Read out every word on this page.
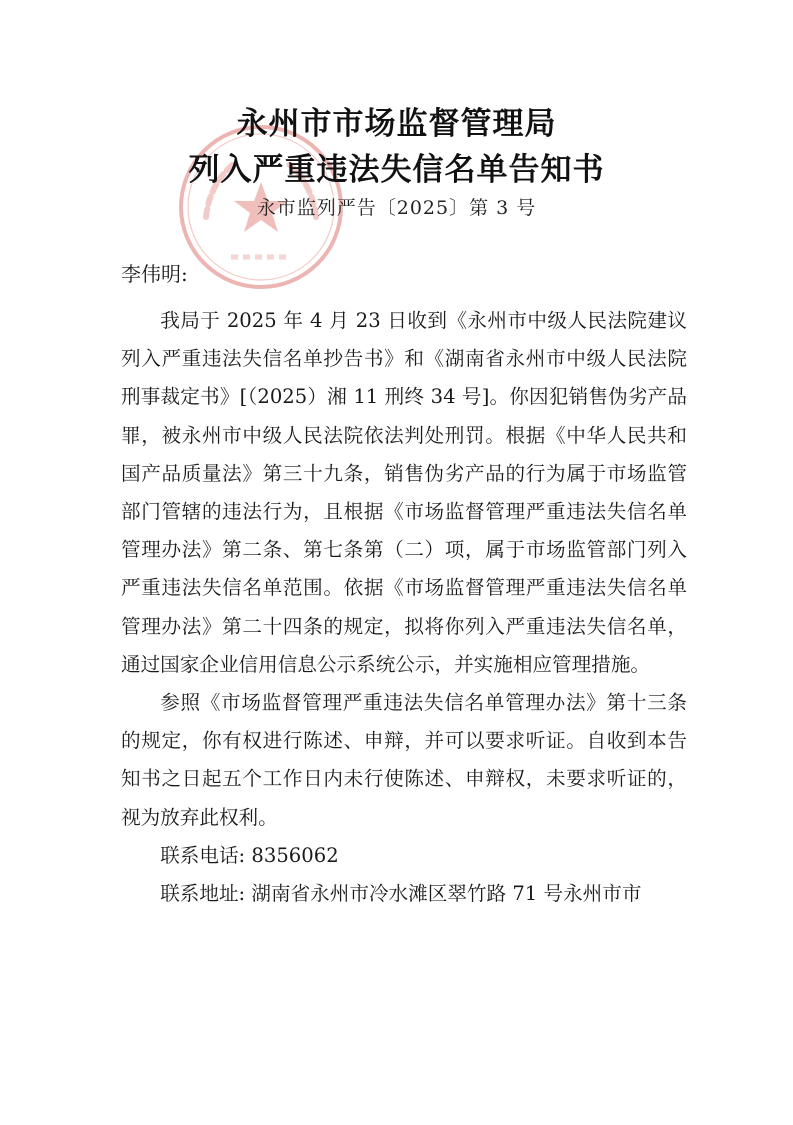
永州市市场监督管理局
列入严重违法失信名单告知书
永市监列严告〔2025〕第 3 号
李伟明:

我局于 2025 年 4 月 23 日收到《永州市中级人民法院建议列入严重违法失信名单抄告书》和《湖南省永州市中级人民法院刑事裁定书》[（2025）湘 11 刑终 34 号]。你因犯销售伪劣产品罪，被永州市中级人民法院依法判处刑罚。根据《中华人民共和国产品质量法》第三十九条，销售伪劣产品的行为属于市场监管部门管辖的违法行为，且根据《市场监督管理严重违法失信名单管理办法》第二条、第七条第（二）项，属于市场监管部门列入严重违法失信名单范围。依据《市场监督管理严重违法失信名单管理办法》第二十四条的规定，拟将你列入严重违法失信名单，通过国家企业信用信息公示系统公示，并实施相应管理措施。

参照《市场监督管理严重违法失信名单管理办法》第十三条的规定，你有权进行陈述、申辩，并可以要求听证。自收到本告知书之日起五个工作日内未行使陈述、申辩权，未要求听证的，视为放弃此权利。

联系电话: 8356062

联系地址: 湖南省永州市冷水滩区翠竹路 71 号永州市市
